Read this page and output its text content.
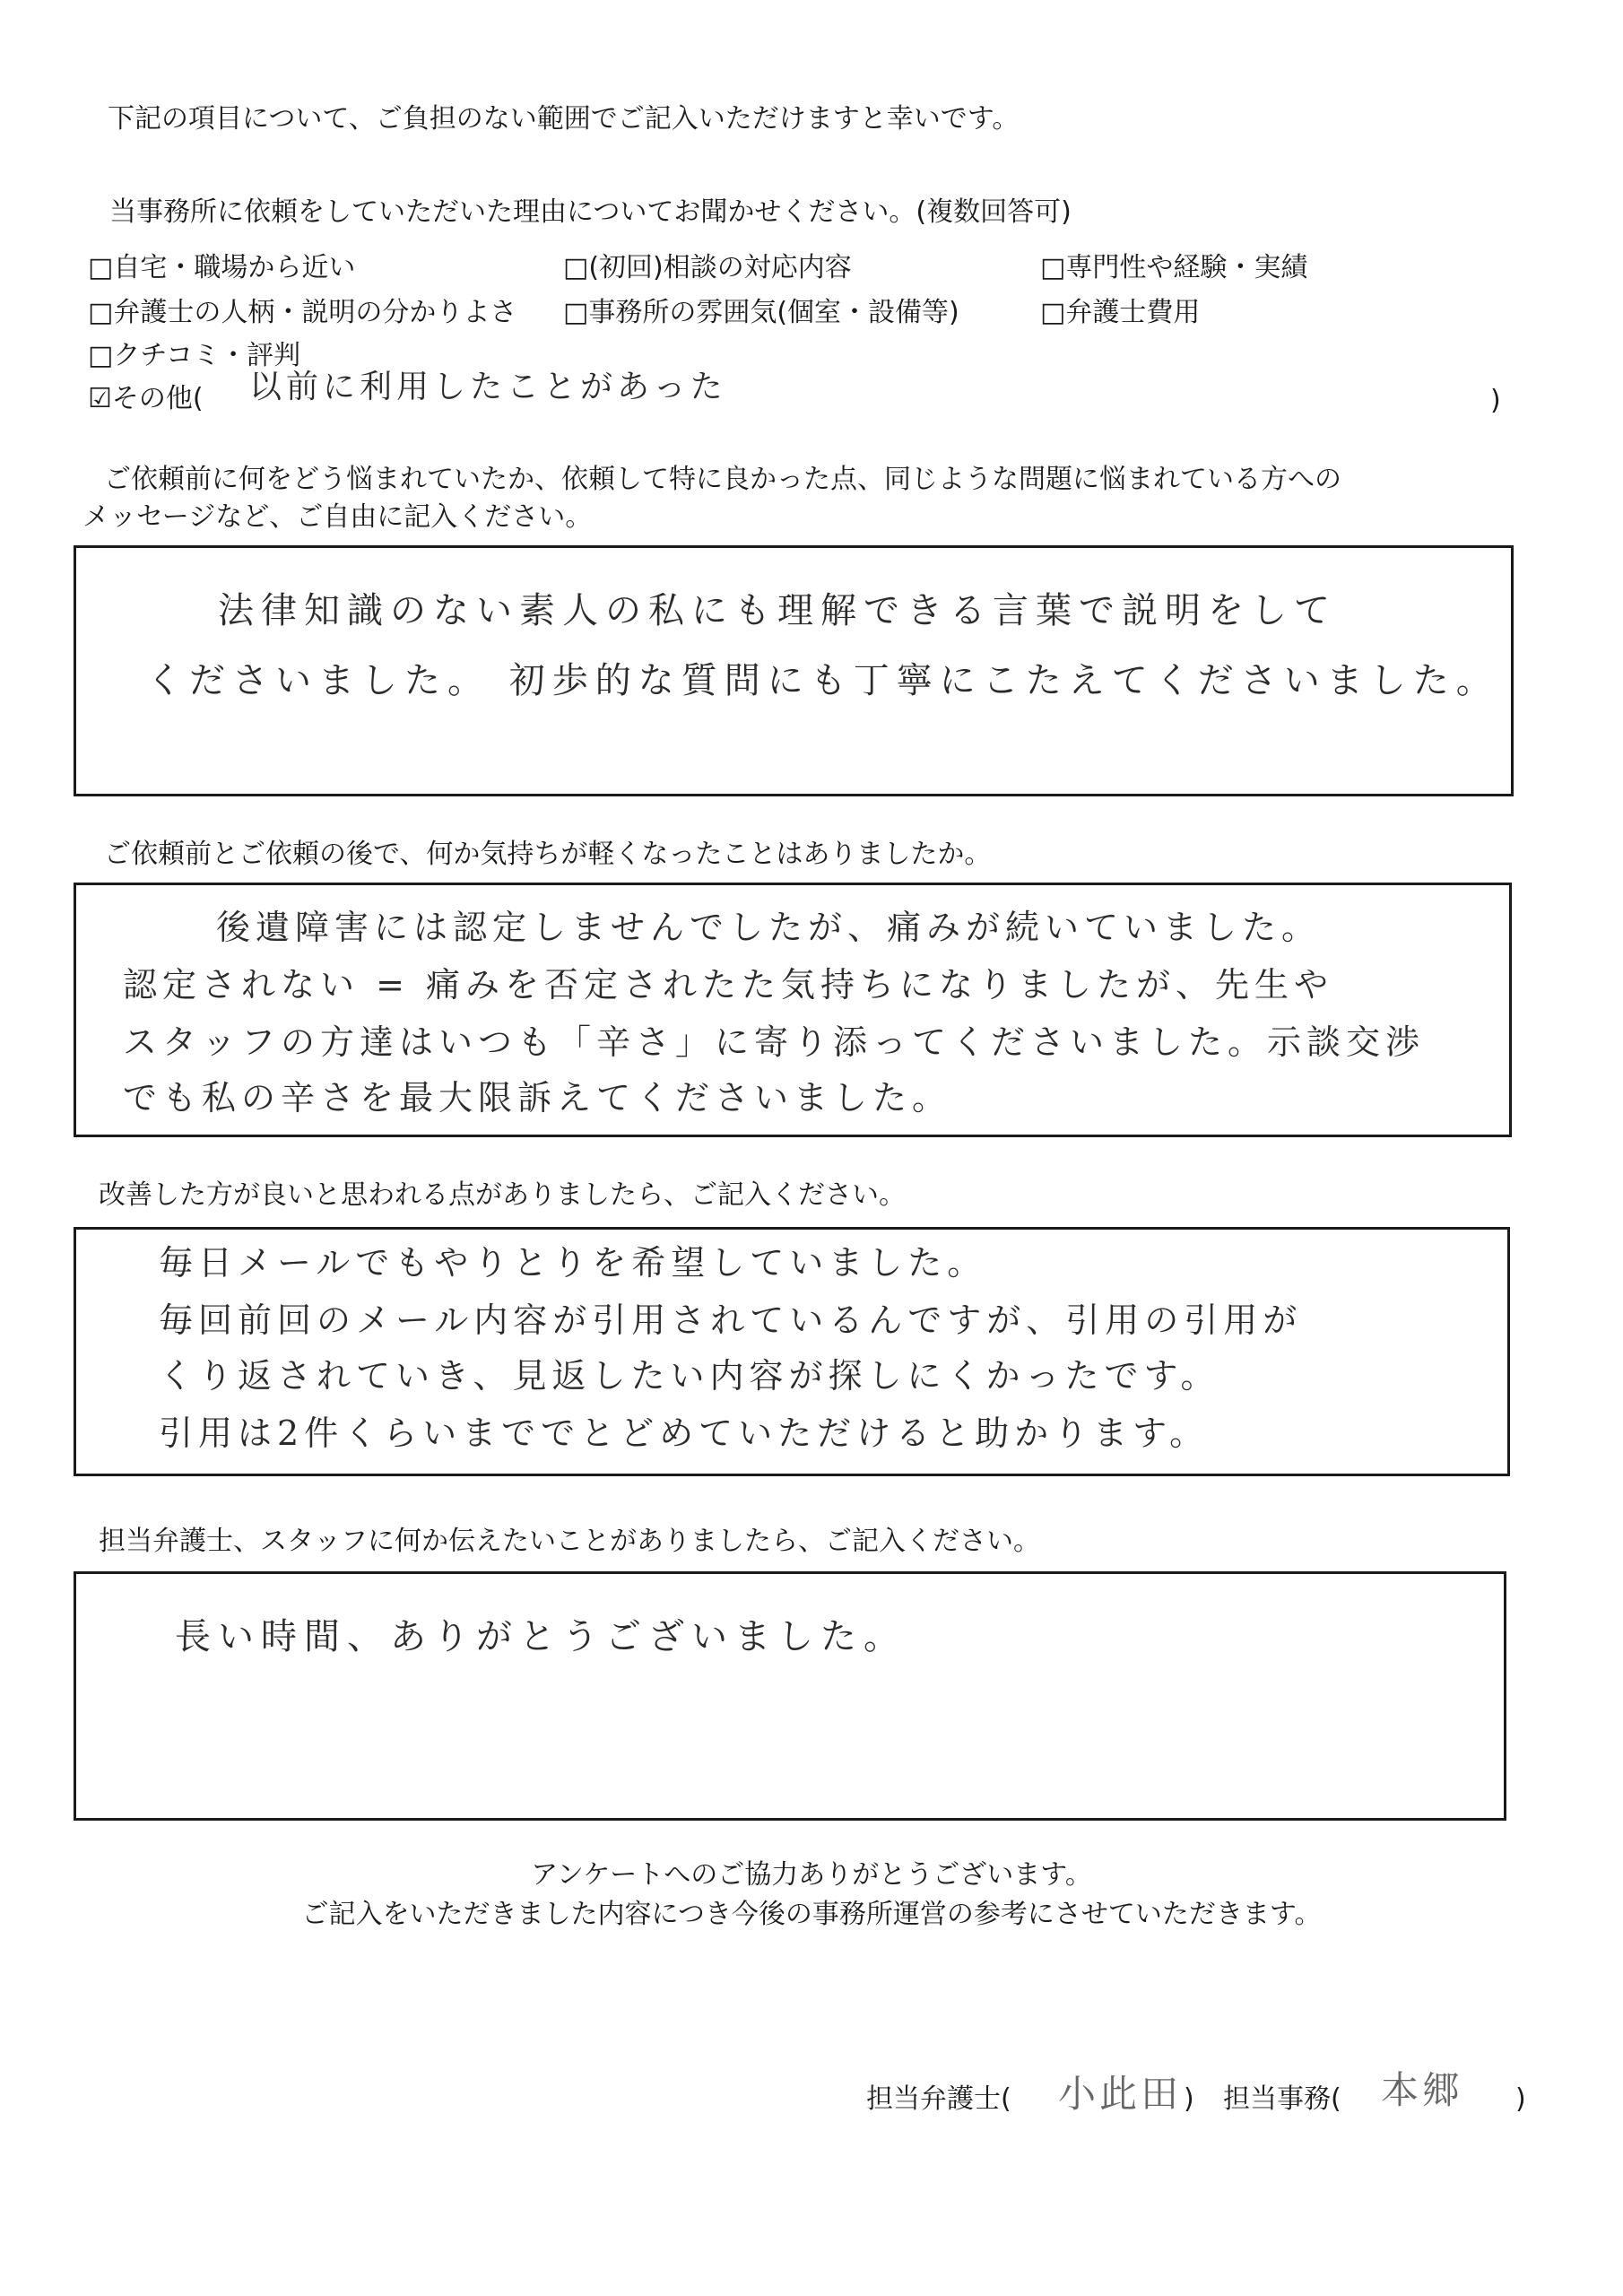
下記の項目について、ご負担のない範囲でご記入いただけますと幸いです。
当事務所に依頼をしていただいた理由についてお聞かせください。(複数回答可)
□自宅・職場から近い	□(初回)相談の対応内容	□専門性や経験・実績
□弁護士の人柄・説明の分かりよさ □事務所の雰囲気(個室・設備等)	□弁護士費用
□クチコミ・評判
☑その他( 以前に利用したことがあった	)
ご依頼前に何をどう悩まれていたか、依頼して特に良かった点、同じような問題に悩まれている方への
メッセージなど、ご自由に記入ください。
法律知識のない素人の私にも理解できる言葉で説明をして
くださいました。 初歩的な質問にも丁寧にこたえてくださいました。
ご依頼前とご依頼の後で、何か気持ちが軽くなったことはありましたか。
後遺障害には認定しませんでしたが、痛みが続いていました。
認定されない = 痛みを否定されたた気持ちになりましたが、先生や
スタッフの方達はいつも「辛さ」に寄り添ってくださいました。示談交渉
でも私の辛さを最大限訴えてくださいました。
改善した方が良いと思われる点がありましたら、ご記入ください。
毎日メールでもやりとりを希望していました。
毎回前回のメール内容が引用されているんですが、引用の引用が
くり返されていき、見返したい内容が探しにくかったです。
引用は2件くらいまででとどめていただけると助かります。
担当弁護士、スタッフに何か伝えたいことがありましたら、ご記入ください。
長い時間、ありがとうございました。
アンケートへのご協力ありがとうございます。
ご記入をいただきました内容につき今後の事務所運営の参考にさせていただきます。
担当弁護士( 小此田 ) 担当事務( 本郷 )
